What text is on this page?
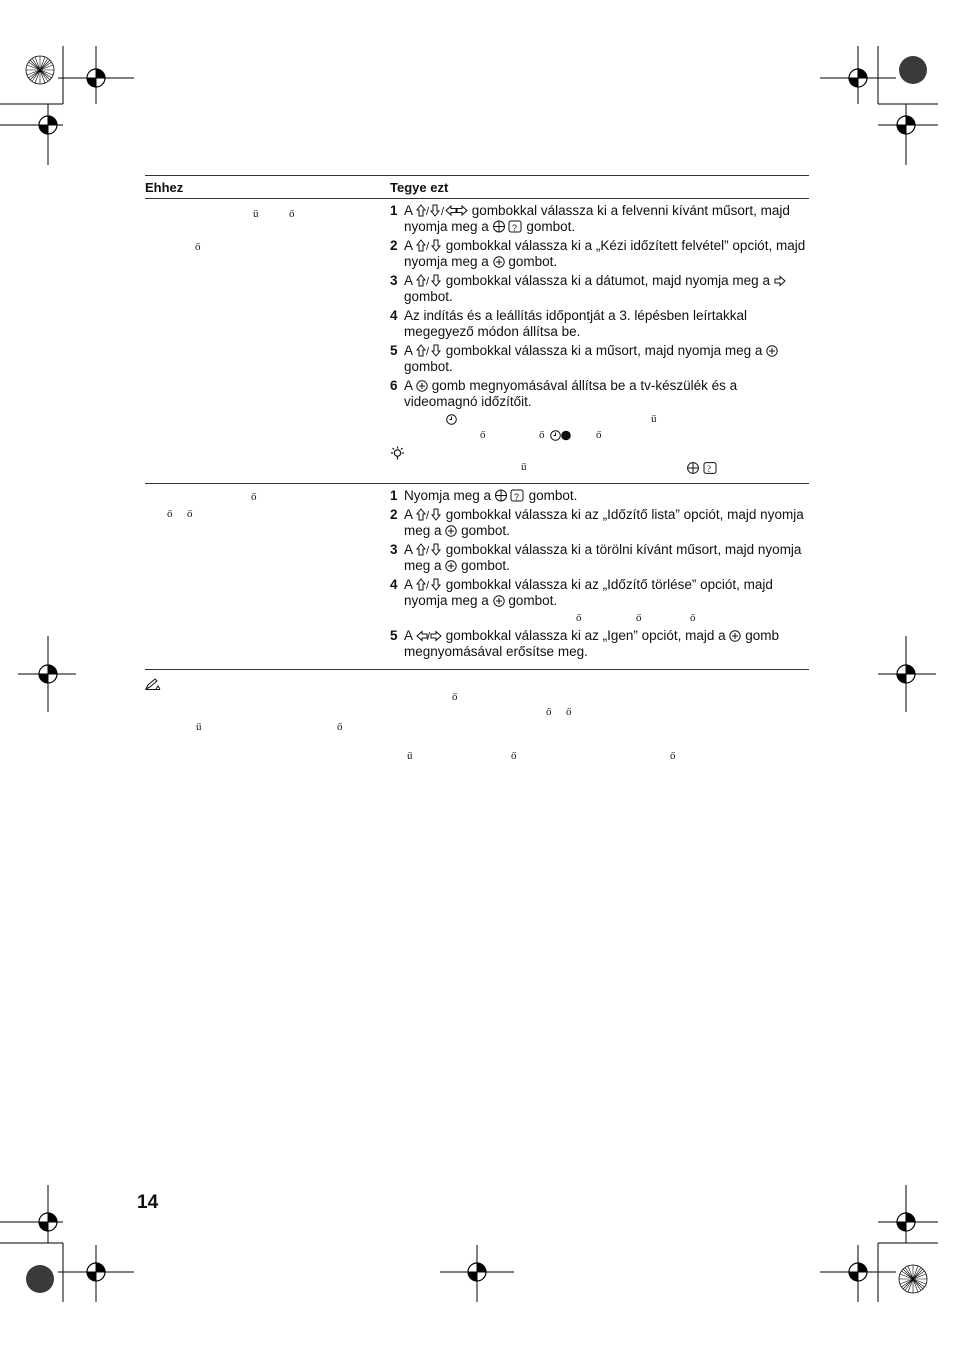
Ehhez	Tegye ezt
ü	ő
ő
1 A / / gombokkal válassza ki a felvenni kívánt műsort, majd nyomja meg a	? gombot.
2 A / gombokkal válassza ki a „Kézi időzített felvétel” opciót, majd nyomja meg a gombot.
3 A / gombokkal válassza ki a dátumot, majd nyomja meg a  gombot.
4 Az indítás és a leállítás időpontját a 3. lépésben leírtakkal megegyező módon állítsa be.
5 A / gombokkal válassza ki a műsort, majd nyomja meg a  gombot.
6 A gomb megnyomásával állítsa be a tv-készülék és a videomagnó időzítőit.
ű
ő	ő	ő
ű	?
ő
ő ő
1 Nyomja meg a	? gombot.
2 A / gombokkal válassza ki az „Időzítő lista” opciót, majd nyomja meg a gombot.
3 A / gombokkal válassza ki a törölni kívánt műsort, majd nyomja meg a gombot.
4 A / gombokkal válassza ki az „Időzítő törlése” opciót, majd nyomja meg a gombot.
ő	ő	ő
5 A / gombokkal válassza ki az „Igen” opciót, majd a gomb megnyomásával erősítse meg.
ő
ő ő
ű	ő
ű	ő	ő
14
